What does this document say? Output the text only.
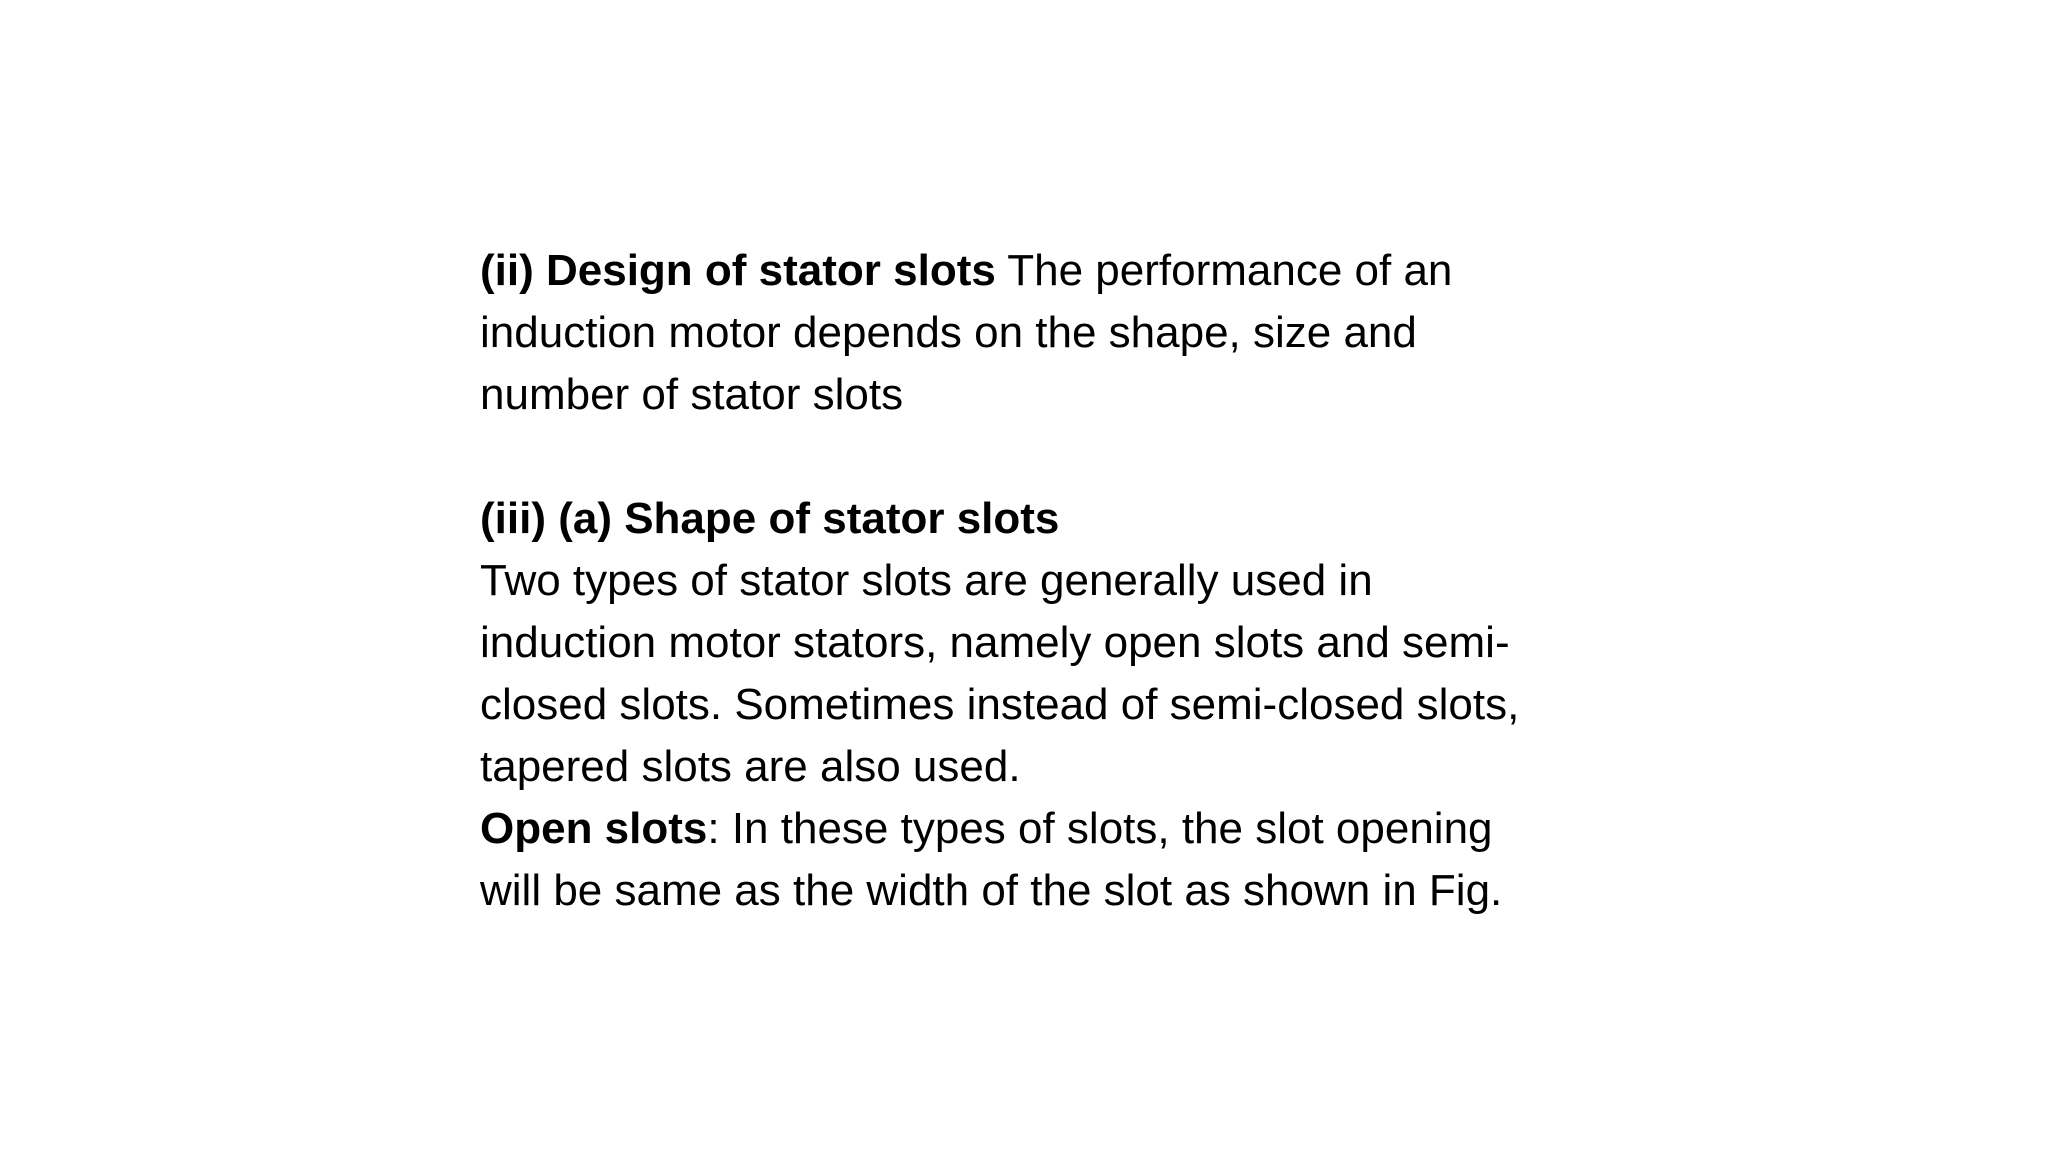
(ii) Design of stator slots The performance of an induction motor depends on the shape, size and number of stator slots

(iii) (a) Shape of stator slots

Two types of stator slots are generally used in induction motor stators, namely open slots and semi-closed slots. Sometimes instead of semi-closed slots, tapered slots are also used.

Open slots: In these types of slots, the slot opening will be same as the width of the slot as shown in Fig.
